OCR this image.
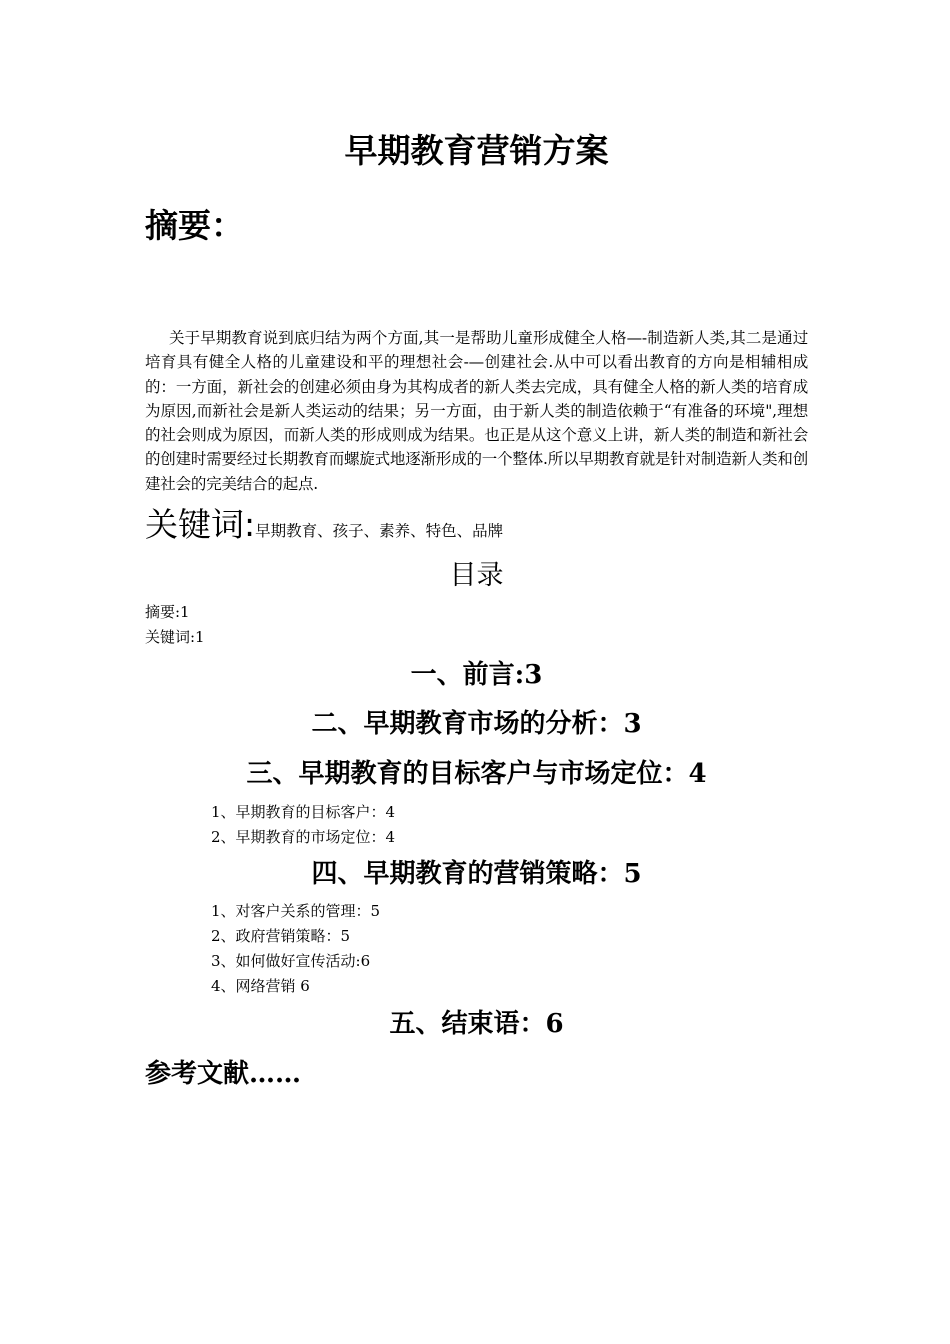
早期教育营销方案
摘要：
关于早期教育说到底归结为两个方面,其一是帮助儿童形成健全人格—-制造新人类,其二是通过培育具有健全人格的儿童建设和平的理想社会-—创建社会.从中可以看出教育的方向是相辅相成的：一方面，新社会的创建必须由身为其构成者的新人类去完成，具有健全人格的新人类的培育成为原因,而新社会是新人类运动的结果；另一方面，由于新人类的制造依赖于“有准备的环境",理想的社会则成为原因，而新人类的形成则成为结果。也正是从这个意义上讲，新人类的制造和新社会的创建时需要经过长期教育而螺旋式地逐渐形成的一个整体.所以早期教育就是针对制造新人类和创建社会的完美结合的起点.
关键词:早期教育、孩子、素养、特色、品牌
目录
摘要:1
关键词:1
一、前言:3
二、早期教育市场的分析：3
三、早期教育的目标客户与市场定位：4
1、早期教育的目标客户：4
2、早期教育的市场定位：4
四、早期教育的营销策略：5
1、对客户关系的管理：5
2、政府营销策略：5
3、如何做好宣传活动:6
4、网络营销 6
五、结束语：6
参考文献……
